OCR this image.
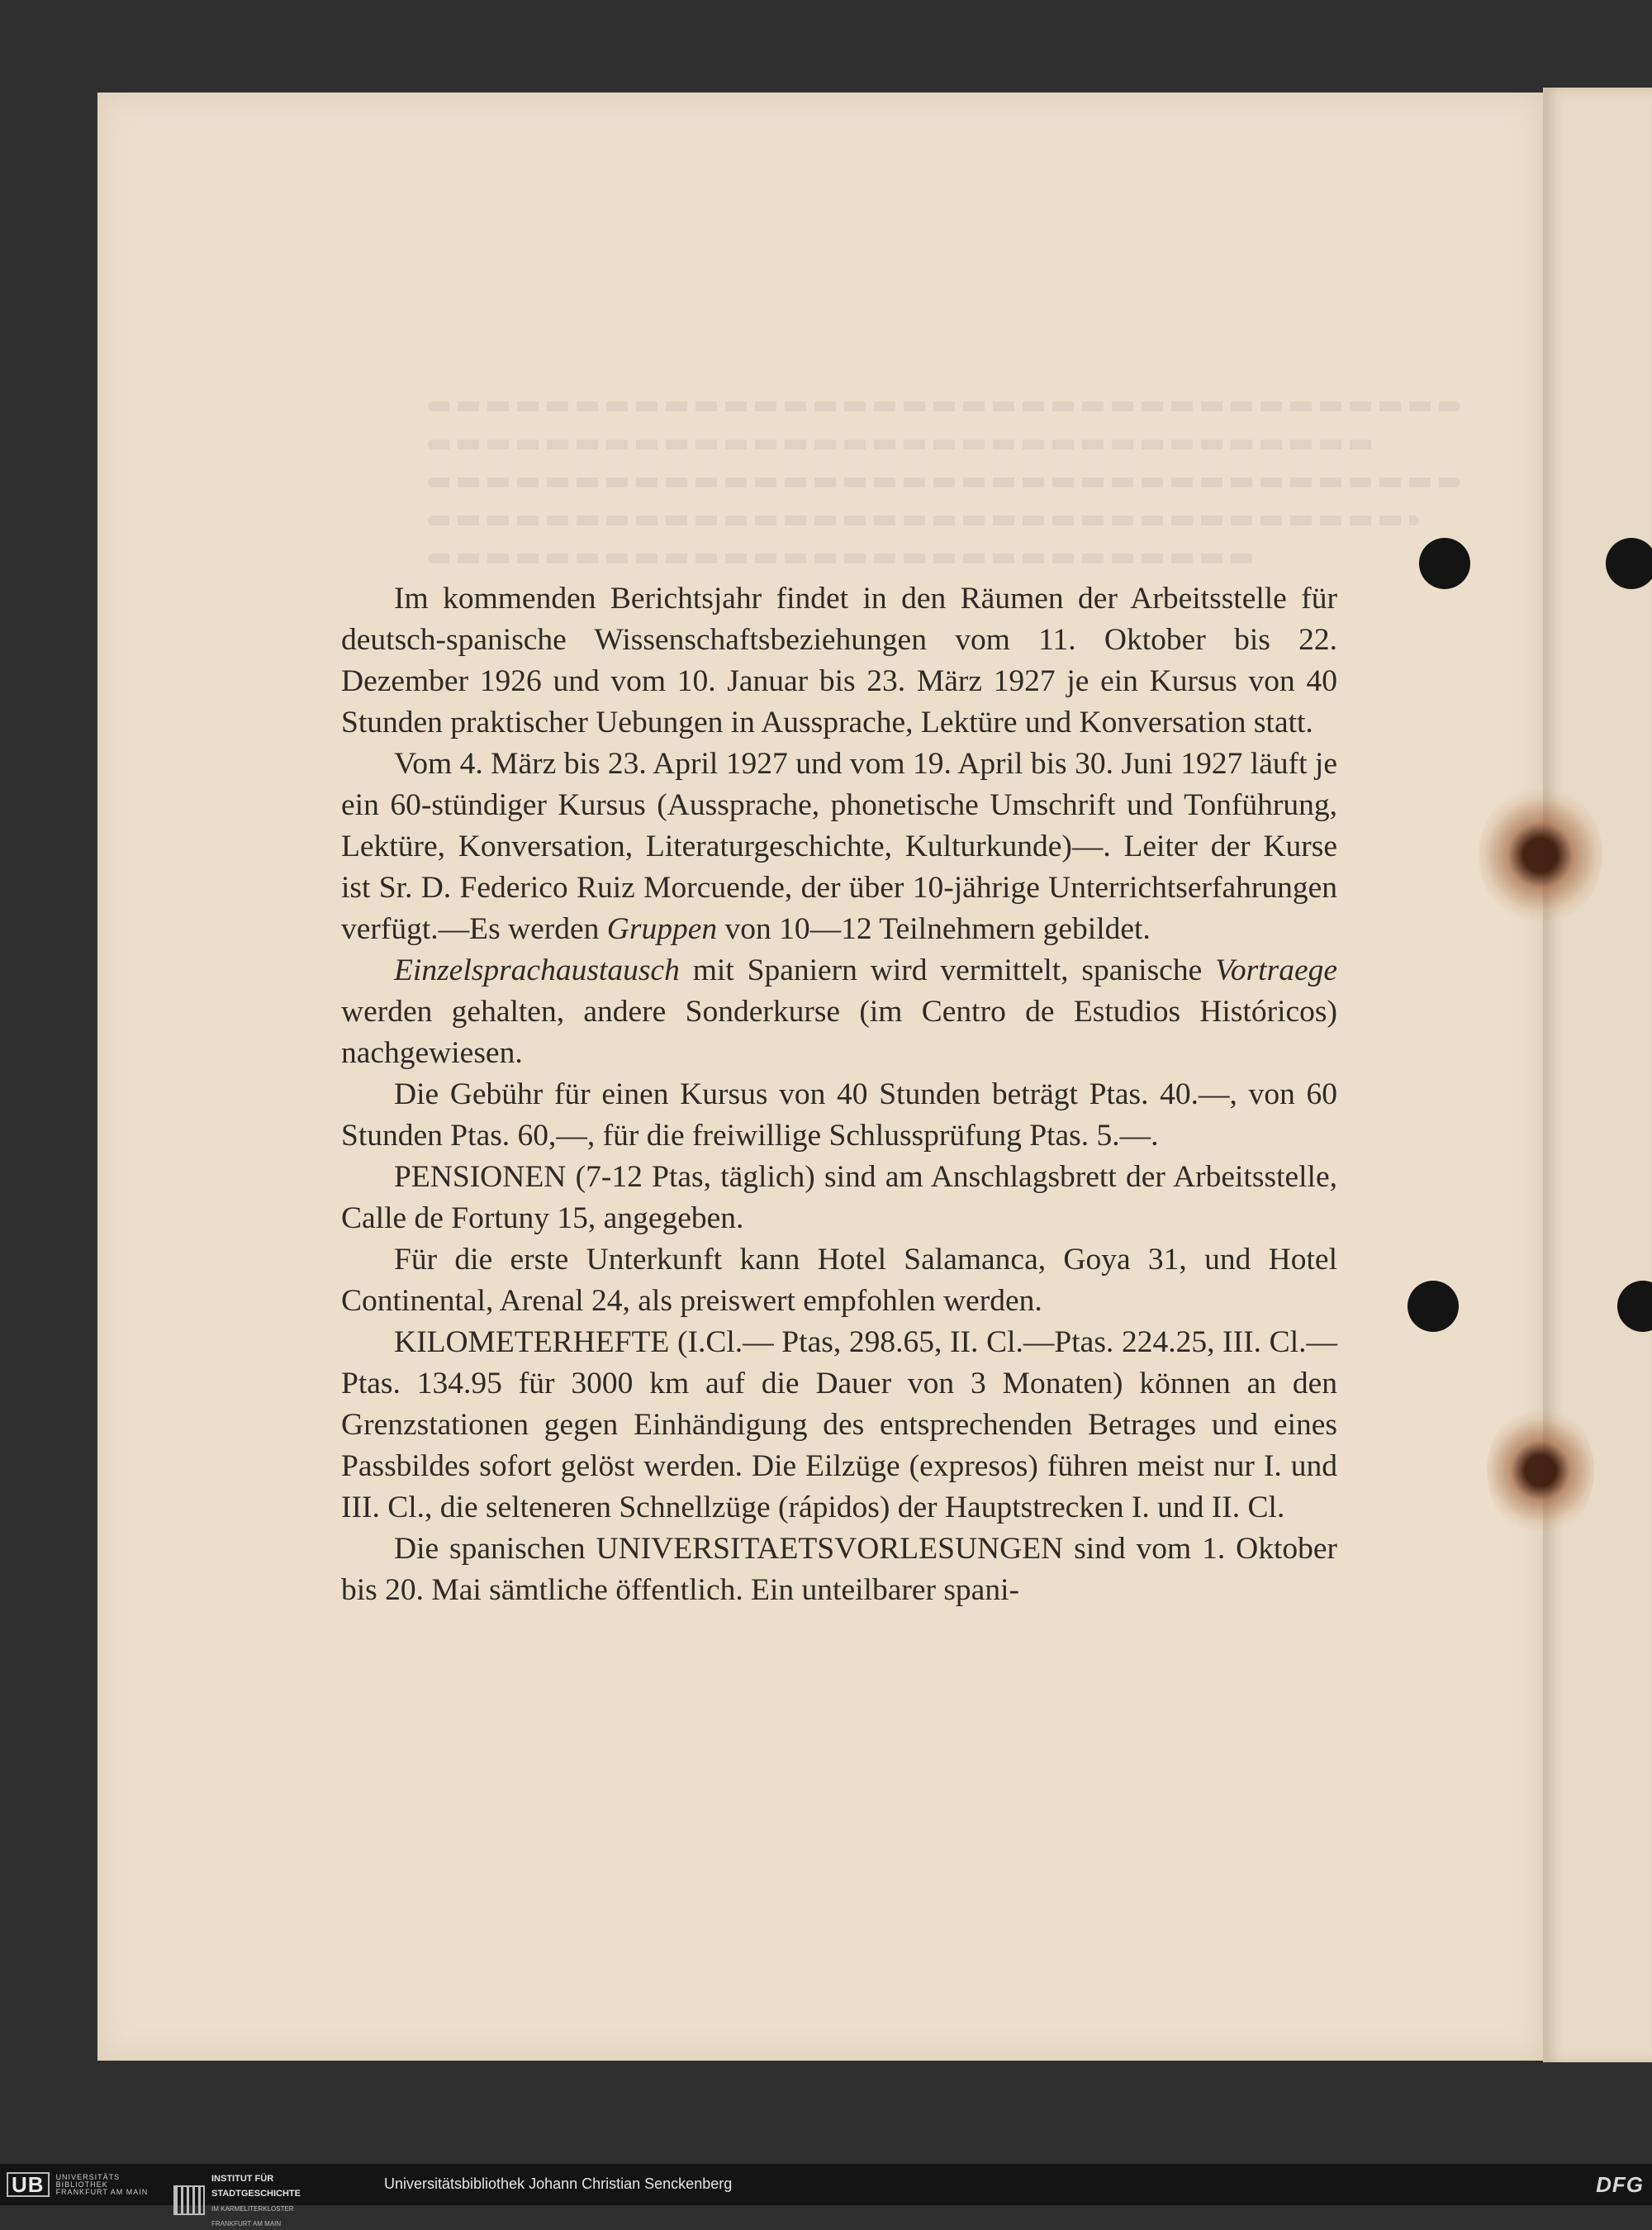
Im kommenden Berichtsjahr findet in den Räumen der Arbeitsstelle für deutsch-spanische Wissenschaftsbeziehungen vom 11. Oktober bis 22. Dezember 1926 und vom 10. Januar bis 23. März 1927 je ein Kursus von 40 Stunden praktischer Uebungen in Aussprache, Lektüre und Konversation statt.

Vom 4. März bis 23. April 1927 und vom 19. April bis 30. Juni 1927 läuft je ein 60-stündiger Kursus (Aussprache, phonetische Umschrift und Tonführung, Lektüre, Konversation, Literaturgeschichte, Kulturkunde)—. Leiter der Kurse ist Sr. D. Federico Ruiz Morcuende, der über 10-jährige Unterrichtserfahrungen verfügt.—Es werden Gruppen von 10—12 Teilnehmern gebildet.

Einzelsprachaustausch mit Spaniern wird vermittelt, spanische Vortraege werden gehalten, andere Sonderkurse (im Centro de Estudios Históricos) nachgewiesen.

Die Gebühr für einen Kursus von 40 Stunden beträgt Ptas. 40.—, von 60 Stunden Ptas. 60,—, für die freiwillige Schlussprüfung Ptas. 5.—.

PENSIONEN (7-12 Ptas, täglich) sind am Anschlagsbrett der Arbeitsstelle, Calle de Fortuny 15, angegeben.

Für die erste Unterkunft kann Hotel Salamanca, Goya 31, und Hotel Continental, Arenal 24, als preiswert empfohlen werden.

KILOMETERHEFTE (I.Cl.— Ptas, 298.65, II. Cl.—Ptas. 224.25, III. Cl.—Ptas. 134.95 für 3000 km auf die Dauer von 3 Monaten) können an den Grenzstationen gegen Einhändigung des entsprechenden Betrages und eines Passbildes sofort gelöst werden. Die Eilzüge (expresos) führen meist nur I. und III. Cl., die selteneren Schnellzüge (rápidos) der Hauptstrecken I. und II. Cl.

Die spanischen UNIVERSITAETSVORLESUNGEN sind vom 1. Oktober bis 20. Mai sämtliche öffentlich. Ein unteilbarer spani-

UB	UNIVERSITÄTS
BIBLIOTHEK
FRANKFURT AM MAIN
INSTITUT FÜR
STADTGESCHICHTE
IM KARMELITERKLOSTER
FRANKFURT AM MAIN
Universitätsbibliothek Johann Christian Senckenberg	DFG
